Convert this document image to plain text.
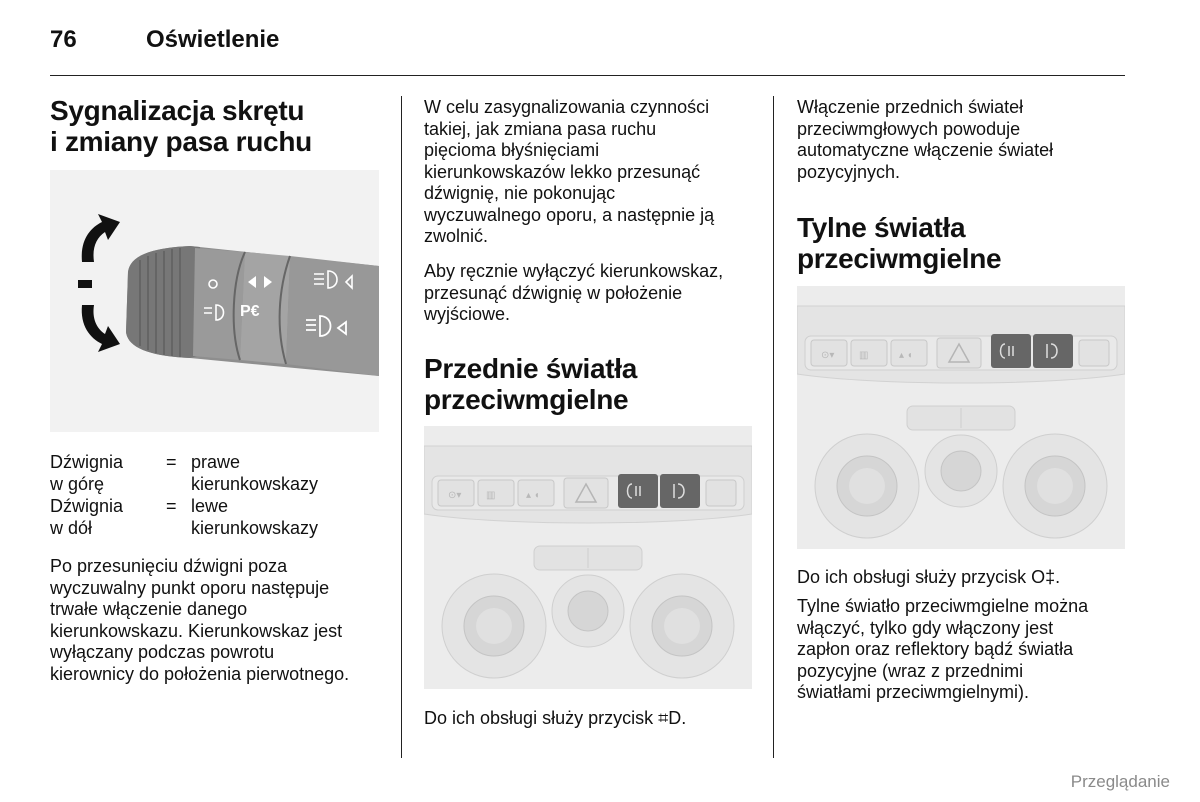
76	Oświetlenie
Sygnalizacja skrętu
i zmiany pasa ruchu
P€
Dźwignia
w górę
= prawe
kierunkowskazy
Dźwignia
w dół
= lewe
kierunkowskazy

Po przesunięciu dźwigni poza

wyczuwalny punkt oporu następuje

trwałe włączenie danego

kierunkowskazu. Kierunkowskaz jest

wyłączany podczas powrotu

kierownicy do położenia pierwotnego.

W celu zasygnalizowania czynności

takiej, jak zmiana pasa ruchu

pięcioma błyśnięciami

kierunkowskazów lekko przesunąć

dźwignię, nie pokonując

wyczuwalnego oporu, a następnie ją

zwolnić.

Aby ręcznie wyłączyć kierunkowskaz,

przesunąć dźwignię w położenie

wyjściowe.

Przednie światła
przeciwmgielne
⊙▾ ▥	▴ ◖

Do ich obsługi służy przycisk ⌗D.

Włączenie przednich świateł

przeciwmgłowych powoduje

automatyczne włączenie świateł

pozycyjnych.

Tylne światła
przeciwmgielne
⊙▾ ▥	▴ ◖

Do ich obsługi służy przycisk O‡.

Tylne światło przeciwmgielne można

włączyć, tylko gdy włączony jest

zapłon oraz reflektory bądź światła

pozycyjne (wraz z przednimi

światłami przeciwmgielnymi).

Przeglądanie
